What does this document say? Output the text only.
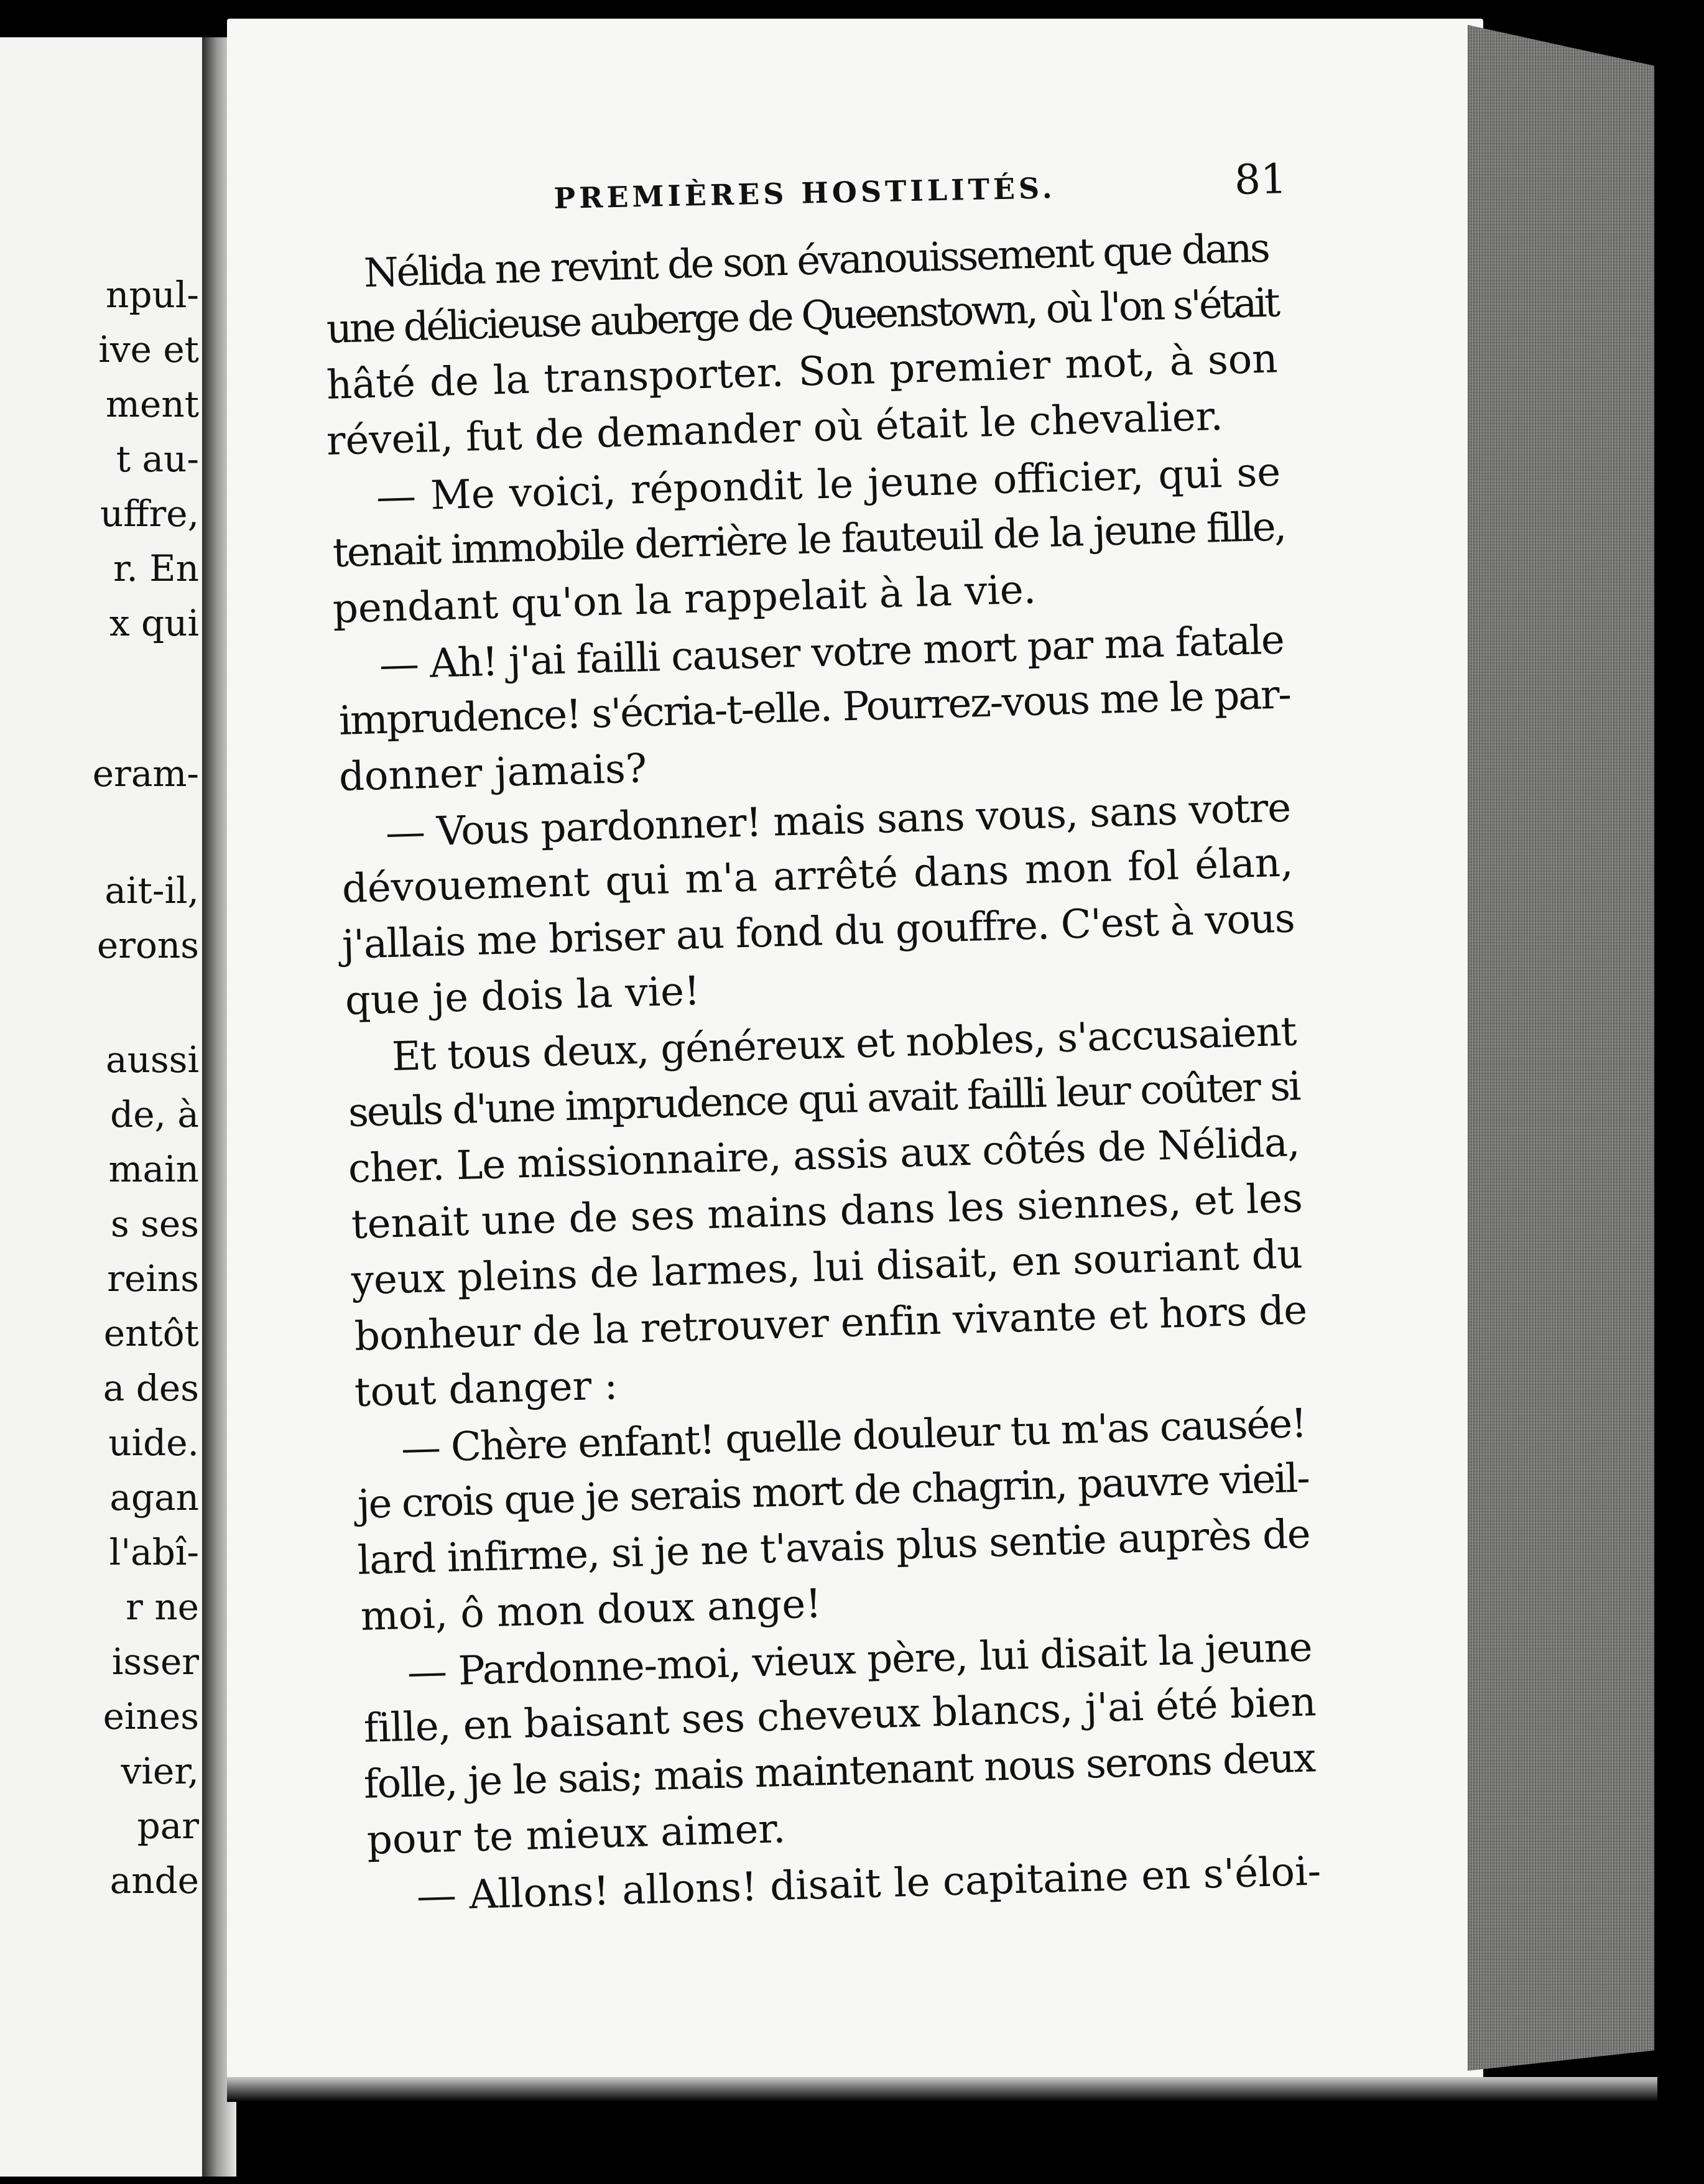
npul-
ive et
ment
t au-
uffre,
r. En
x qui
eram-
ait-il,
erons
aussi
de, à
main
s ses
reins
entôt
a des
uide.
agan
l'abî-
r ne
isser
eines
vier,
par
ande
PREMIÈRES HOSTILITÉS.	81
Nélida ne revint de son évanouissement que dans
une délicieuse auberge de Queenstown, où l'on s'était
hâté de la transporter. Son premier mot, à son
réveil, fut de demander où était le chevalier.
— Me voici, répondit le jeune officier, qui se
tenait immobile derrière le fauteuil de la jeune fille,
pendant qu'on la rappelait à la vie.
— Ah! j'ai failli causer votre mort par ma fatale
imprudence! s'écria-t-elle. Pourrez-vous me le par-
donner jamais?
— Vous pardonner! mais sans vous, sans votre
dévouement qui m'a arrêté dans mon fol élan,
j'allais me briser au fond du gouffre. C'est à vous
que je dois la vie!
Et tous deux, généreux et nobles, s'accusaient
seuls d'une imprudence qui avait failli leur coûter si
cher. Le missionnaire, assis aux côtés de Nélida,
tenait une de ses mains dans les siennes, et les
yeux pleins de larmes, lui disait, en souriant du
bonheur de la retrouver enfin vivante et hors de
tout danger :
— Chère enfant! quelle douleur tu m'as causée!
je crois que je serais mort de chagrin, pauvre vieil-
lard infirme, si je ne t'avais plus sentie auprès de
moi, ô mon doux ange!
— Pardonne-moi, vieux père, lui disait la jeune
fille, en baisant ses cheveux blancs, j'ai été bien
folle, je le sais; mais maintenant nous serons deux
pour te mieux aimer.
— Allons! allons! disait le capitaine en s'éloi-
